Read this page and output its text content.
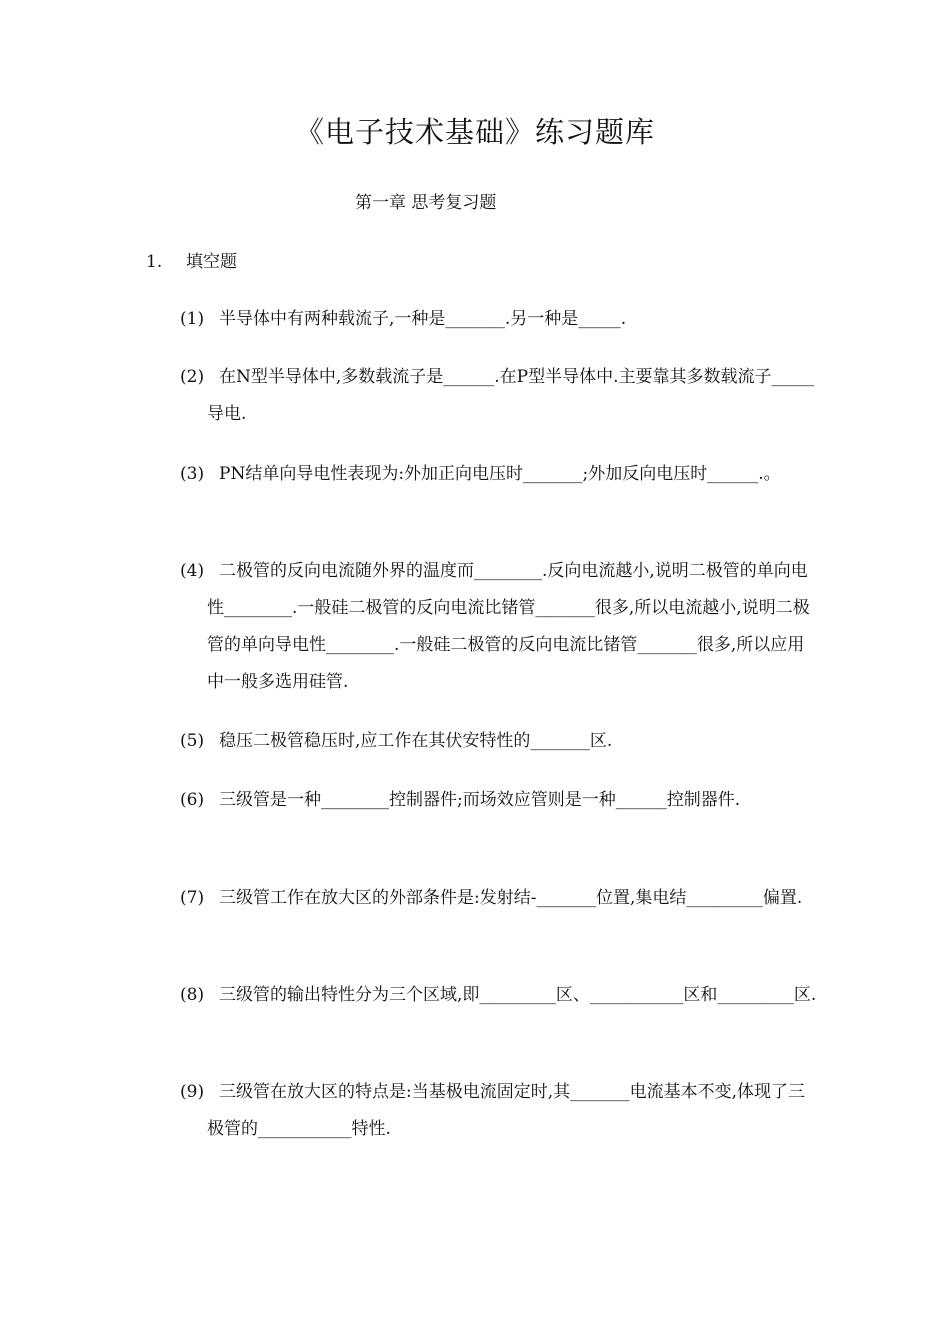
《电子技术基础》练习题库
第一章 思考复习题
1. 填空题
(1) 半导体中有两种载流子,一种是_______.另一种是_____.
(2) 在N型半导体中,多数载流子是______.在P型半导体中.主要靠其多数载流子_____导电.
(3) PN结单向导电性表现为:外加正向电压时_______;外加反向电压时______.。
(4) 二极管的反向电流随外界的温度而________.反向电流越小,说明二极管的单向电性________.一般硅二极管的反向电流比锗管_______很多,所以电流越小,说明二极管的单向导电性________.一般硅二极管的反向电流比锗管_______很多,所以应用中一般多选用硅管.
(5) 稳压二极管稳压时,应工作在其伏安特性的_______区.
(6) 三级管是一种________控制器件;而场效应管则是一种______控制器件.
(7) 三级管工作在放大区的外部条件是:发射结-_______位置,集电结_________偏置.
(8) 三级管的输出特性分为三个区域,即_________区、___________区和_________区.
(9) 三级管在放大区的特点是:当基极电流固定时,其_______电流基本不变,体现了三极管的___________特性.
